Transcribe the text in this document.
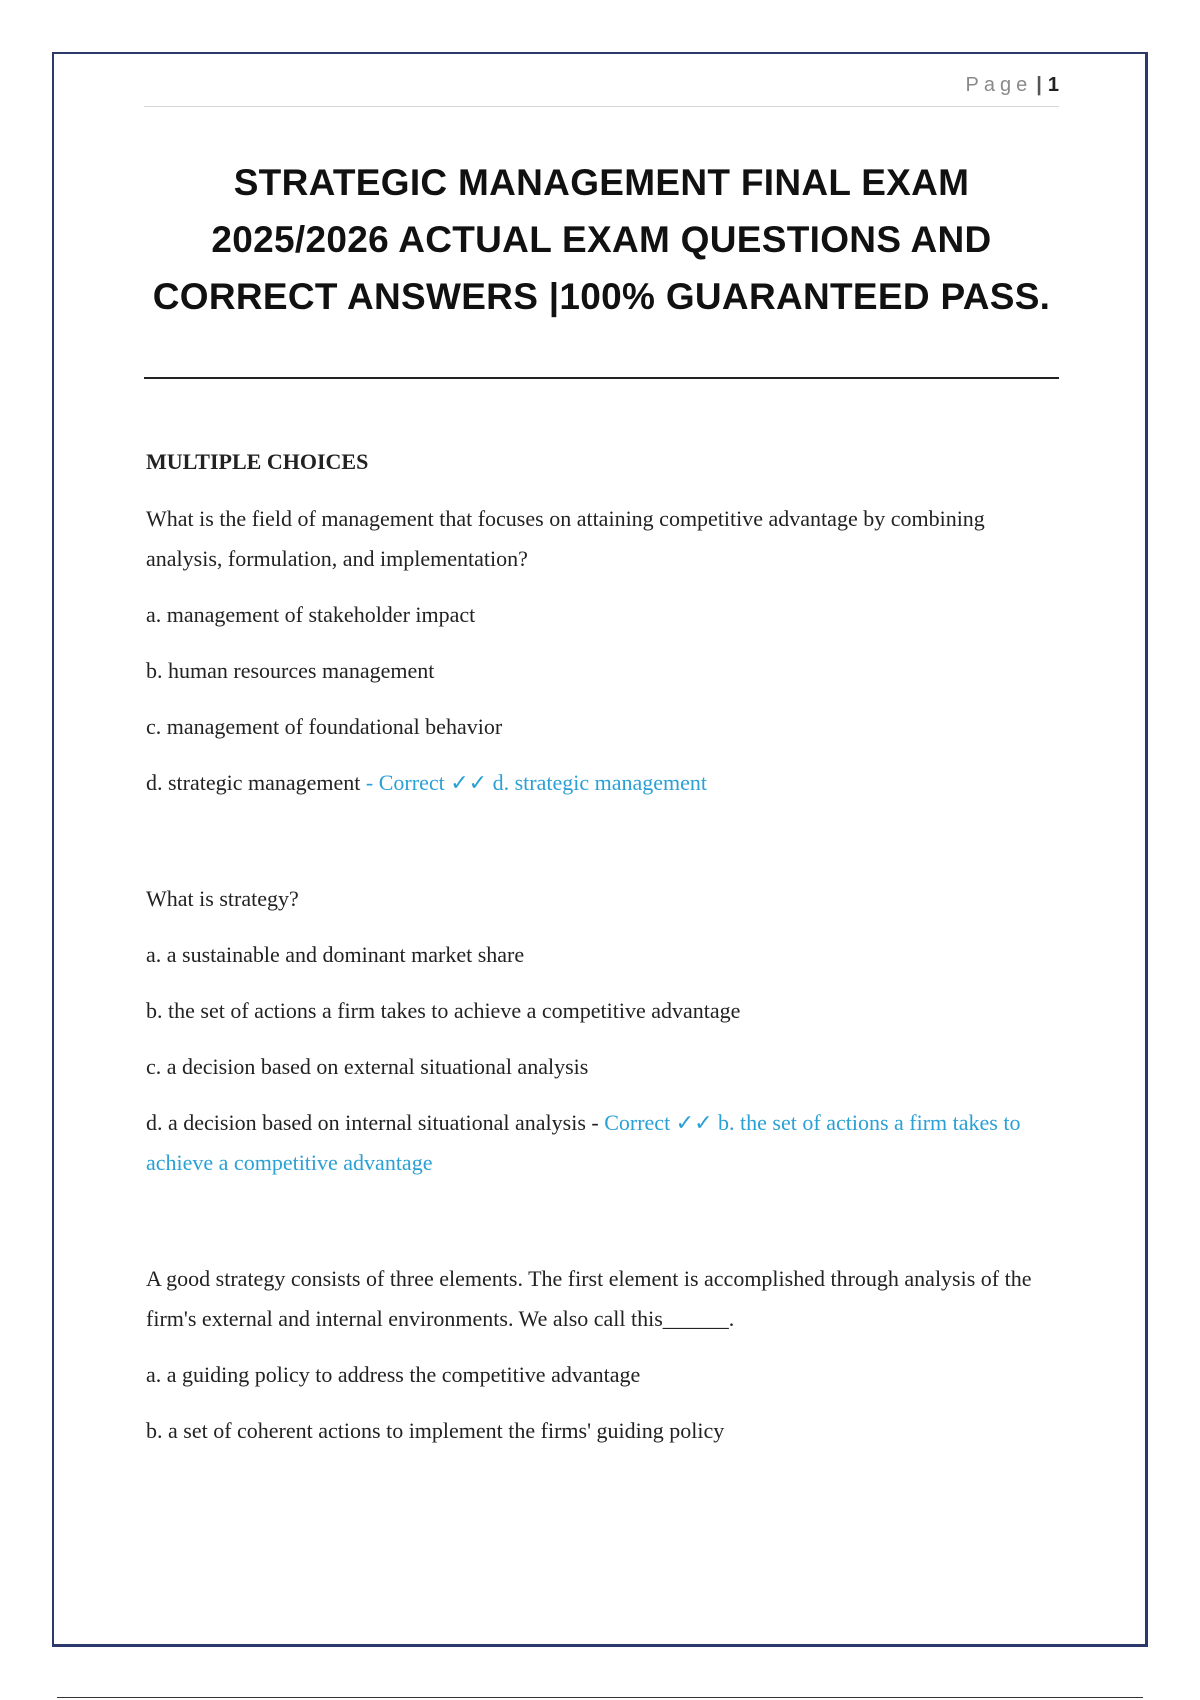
Page | 1
STRATEGIC MANAGEMENT FINAL EXAM 2025/2026 ACTUAL EXAM QUESTIONS AND CORRECT ANSWERS |100% GUARANTEED PASS.
MULTIPLE CHOICES

What is the field of management that focuses on attaining competitive advantage by combining analysis, formulation, and implementation?

a. management of stakeholder impact

b. human resources management

c. management of foundational behavior

d. strategic management - Correct ✓✓ d. strategic management

What is strategy?

a. a sustainable and dominant market share

b. the set of actions a firm takes to achieve a competitive advantage

c. a decision based on external situational analysis

d. a decision based on internal situational analysis - Correct ✓✓ b. the set of actions a firm takes to achieve a competitive advantage

A good strategy consists of three elements. The first element is accomplished through analysis of the firm's external and internal environments. We also call this______.

a. a guiding policy to address the competitive advantage

b. a set of coherent actions to implement the firms' guiding policy
